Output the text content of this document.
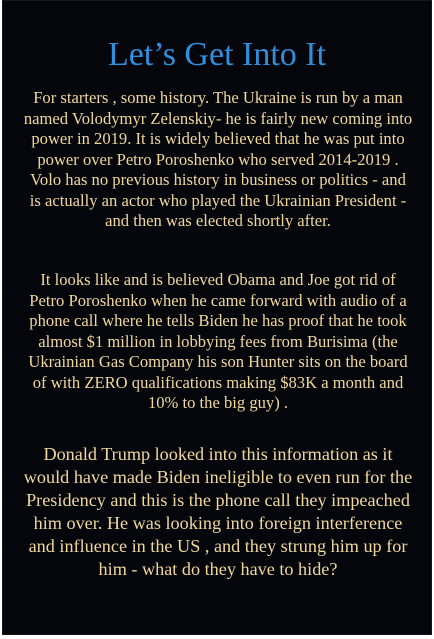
Let’s Get Into It

For starters , some history. The Ukraine is run by a man named Volodymyr Zelenskiy- he is fairly new coming into power in 2019. It is widely believed that he was put into power over Petro Poroshenko who served 2014-2019 . Volo has no previous history in business or politics - and is actually an actor who played the Ukrainian President - and then was elected shortly after.

It looks like and is believed Obama and Joe got rid of Petro Poroshenko when he came forward with audio of a phone call where he tells Biden he has proof that he took almost $1 million in lobbying fees from Burisima (the Ukrainian Gas Company his son Hunter sits on the board of with ZERO qualifications making $83K a month and 10% to the big guy) .

Donald Trump looked into this information as it would have made Biden ineligible to even run for the Presidency and this is the phone call they impeached him over. He was looking into foreign interference and influence in the US , and they strung him up for him - what do they have to hide?
